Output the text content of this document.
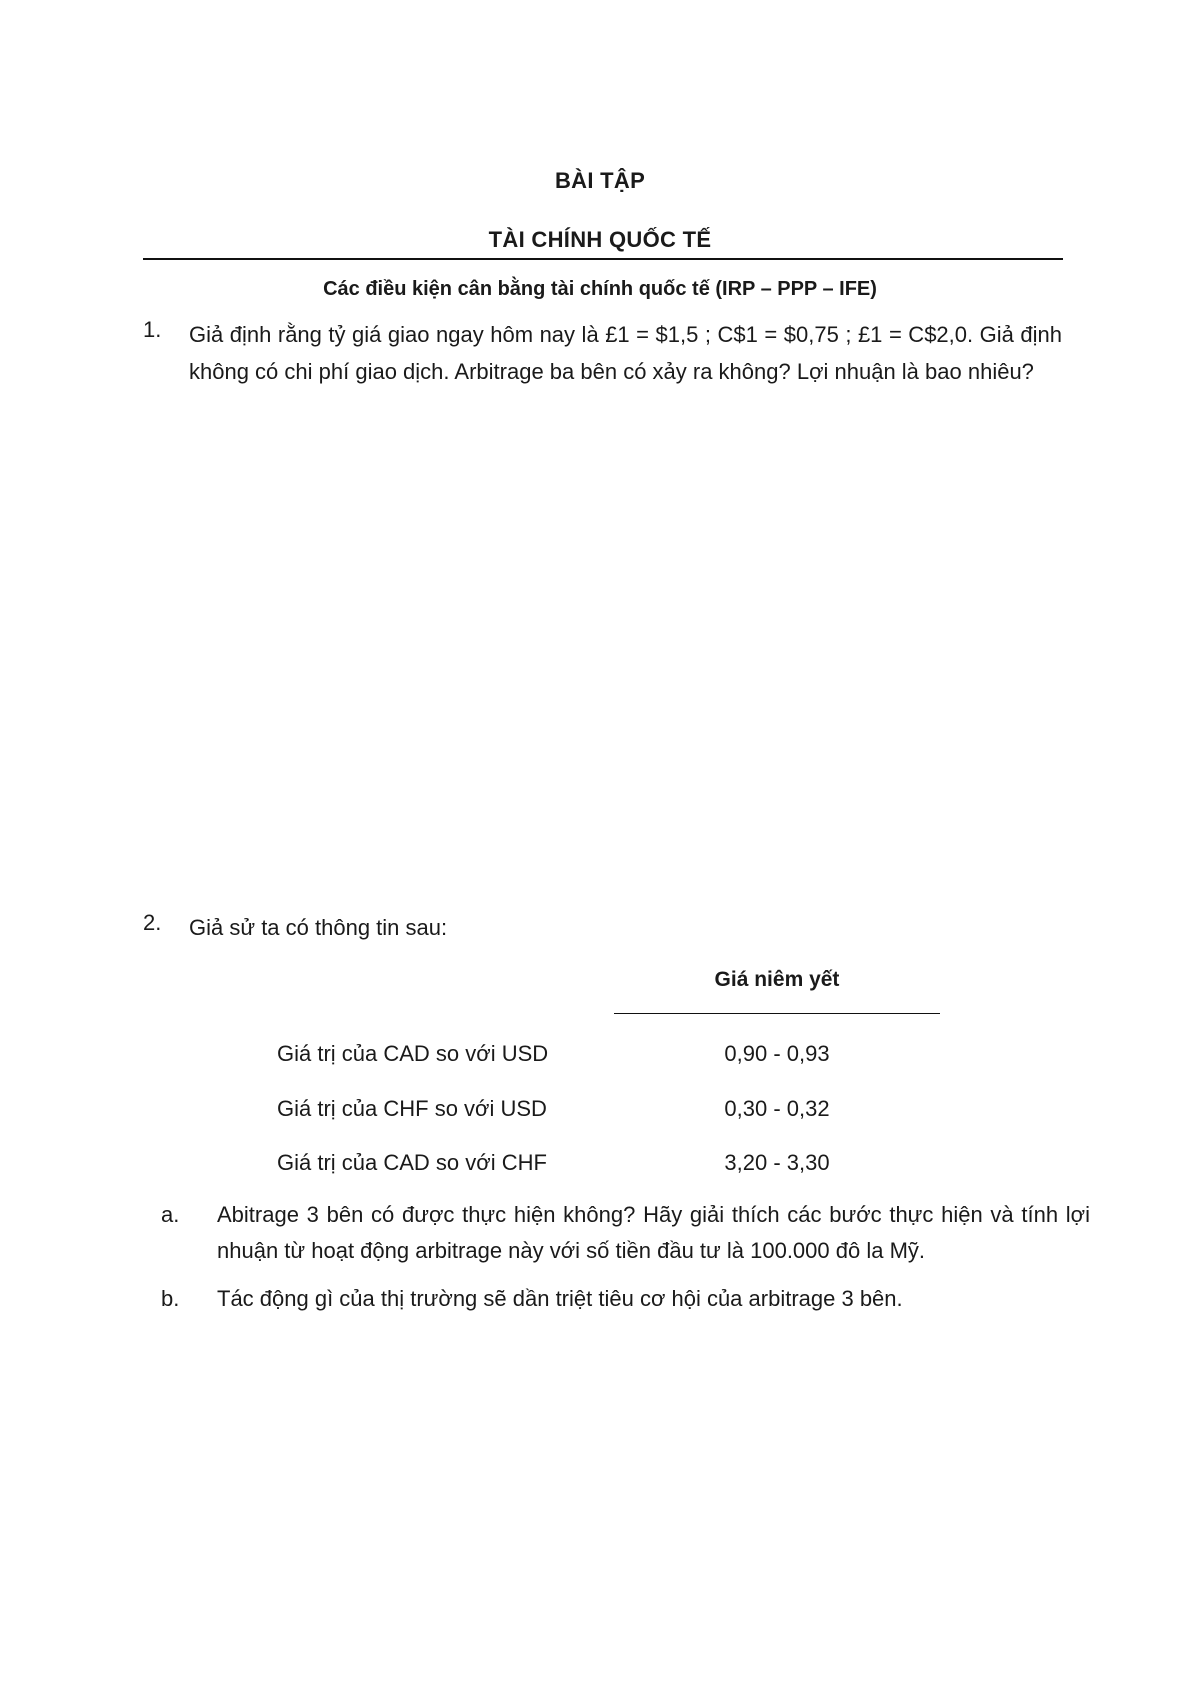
BÀI TẬP
TÀI CHÍNH QUỐC TẾ
Các điều kiện cân bằng tài chính quốc tế (IRP – PPP – IFE)
1. Giả định rằng tỷ giá giao ngay hôm nay là £1 = $1,5 ; C$1 = $0,75 ; £1 = C$2,0. Giả định không có chi phí giao dịch. Arbitrage ba bên có xảy ra không? Lợi nhuận là bao nhiêu?
2. Giả sử ta có thông tin sau:
Giá niêm yết
Giá trị của CAD so với USD	0,90 - 0,93
Giá trị của CHF so với USD	0,30 - 0,32
Giá trị của CAD so với CHF	3,20 - 3,30
a. Abitrage 3 bên có được thực hiện không? Hãy giải thích các bước thực hiện và tính lợi nhuận từ hoạt động arbitrage này với số tiền đầu tư là 100.000 đô la Mỹ.
b. Tác động gì của thị trường sẽ dần triệt tiêu cơ hội của arbitrage 3 bên.
